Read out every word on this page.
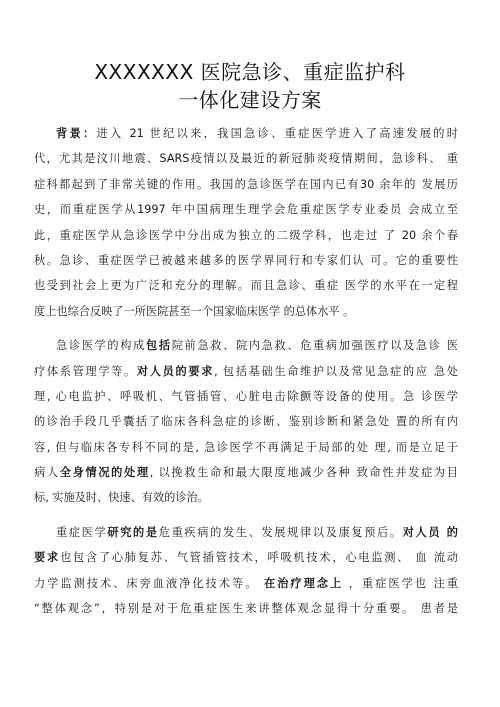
XXXXXXX 医院急诊、重症监护科
一体化建设方案
背景：进入 21 世纪以来，我国急诊、重症医学进入了高速发展的时
代，尤其是汶川地震、SARS疫情以及最近的新冠肺炎疫情期间，急诊科、 重
症科都起到了非常关键的作用。我国的急诊医学在国内已有30 余年的 发展历
史，而重症医学从1997 年中国病理生理学会危重症医学专业委员 会成立至
此，重症医学从急诊医学中分出成为独立的二级学科，也走过 了 20 余个春
秋。急诊、重症医学已被越来越多的医学界同行和专家们认 可。它的重要性
也受到社会上更为广泛和充分的理解。而且急诊、重症 医学的水平在一定程
度上也综合反映了一所医院甚至一个国家临床医学 的总体水平 。
急诊医学的构成包括院前急救、院内急救、危重病加强医疗以及急诊 医
疗体系管理学等。对人员的要求, 包括基础生命维护以及常见急症的应 急处
理, 心电监护、呼吸机、气管插管、心脏电击除颤等设备的使用。急 诊医学
的诊治手段几乎囊括了临床各科急症的诊断、鉴别诊断和紧急处 置的所有内
容, 但与临床各专科不同的是, 急诊医学不再满足于局部的处 理, 而是立足于
病人全身情况的处理, 以挽救生命和最大限度地减少各种 致命性并发症为目
标, 实施及时、快速、有效的诊治。
重症医学研究的是危重疾病的发生、发展规律以及康复预后。对人员 的
要求也包含了心肺复苏、气管插管技术，呼吸机技术，心电监测、 血 流动
力学监测技术、床旁血液净化技术等。 在治疗理念上 ，重症医学也 注重
“整体观念”，特别是对于危重症医生来讲整体观念显得十分重要。 患者是
